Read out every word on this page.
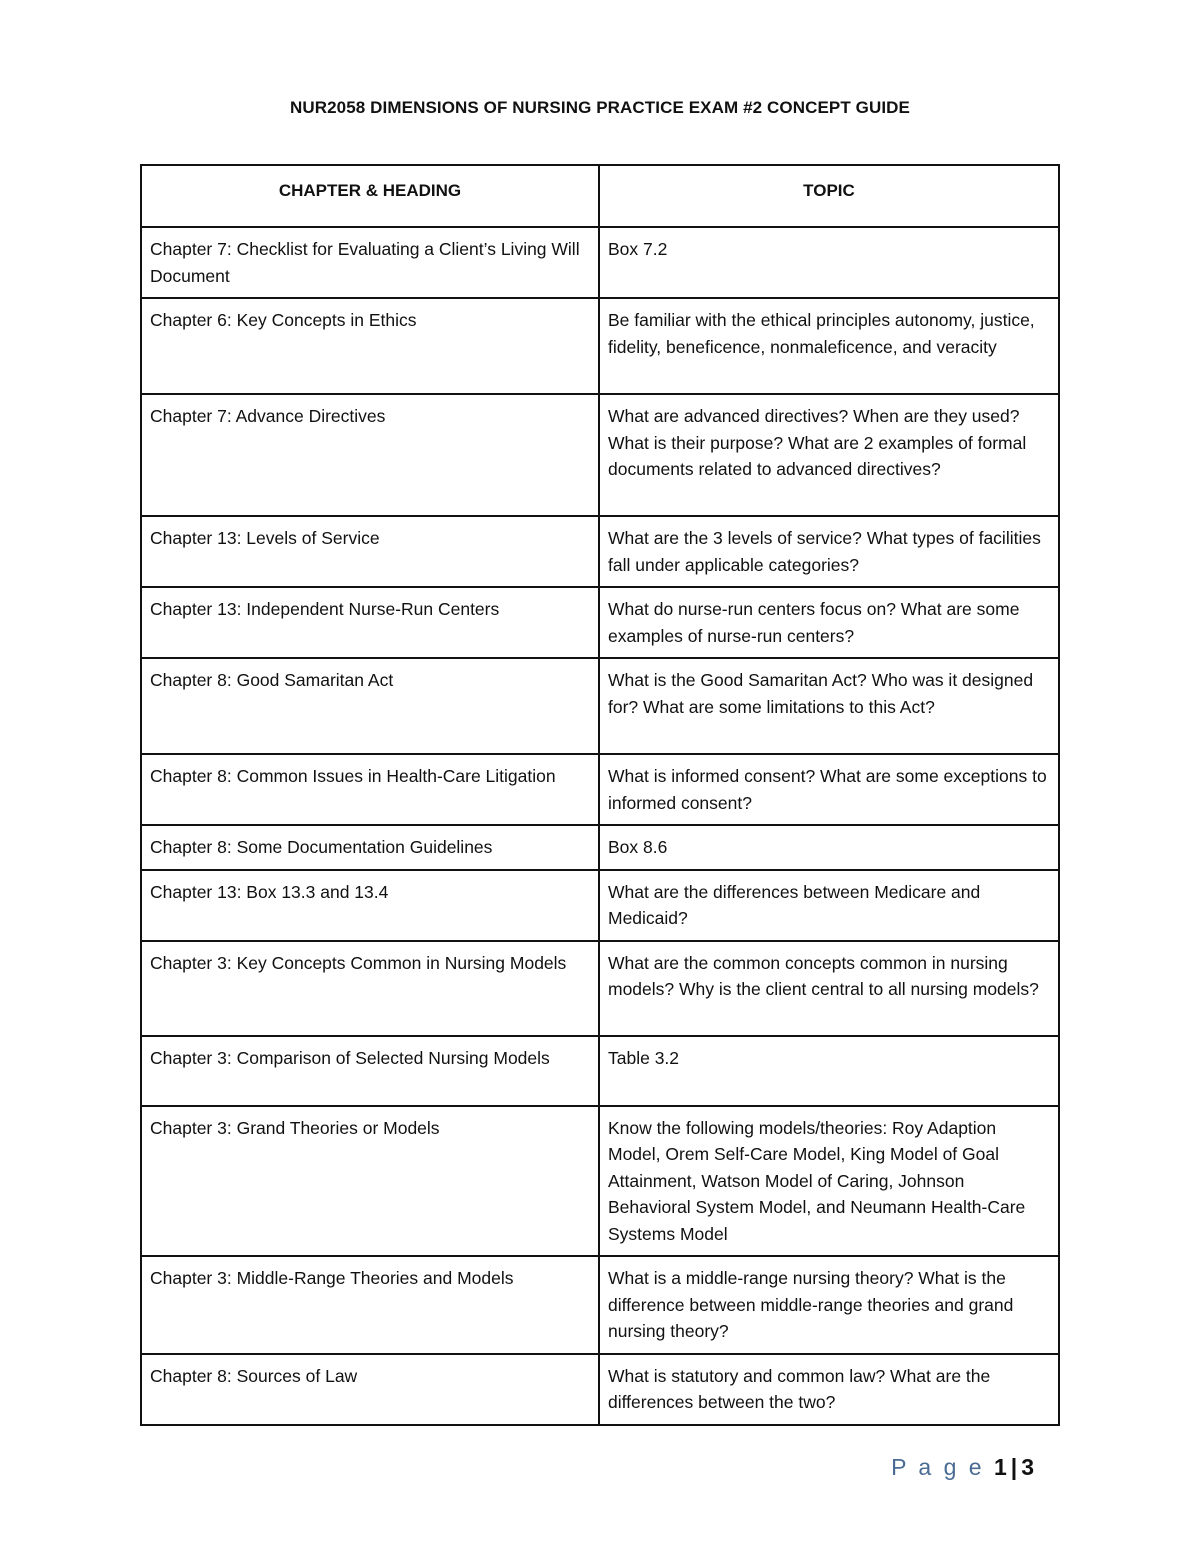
NUR2058 DIMENSIONS OF NURSING PRACTICE EXAM #2 CONCEPT GUIDE
CHAPTER & HEADING	TOPIC
Chapter 7: Checklist for Evaluating a Client’s Living Will Document	Box 7.2
Chapter 6: Key Concepts in Ethics	Be familiar with the ethical principles autonomy, justice, fidelity, beneficence, nonmaleficence, and veracity
Chapter 7: Advance Directives	What are advanced directives? When are they used? What is their purpose? What are 2 examples of formal documents related to advanced directives?
Chapter 13: Levels of Service	What are the 3 levels of service? What types of facilities fall under applicable categories?
Chapter 13: Independent Nurse-Run Centers	What do nurse-run centers focus on? What are some examples of nurse-run centers?
Chapter 8: Good Samaritan Act	What is the Good Samaritan Act? Who was it designed for? What are some limitations to this Act?
Chapter 8: Common Issues in Health-Care Litigation	What is informed consent? What are some exceptions to informed consent?
Chapter 8: Some Documentation Guidelines	Box 8.6
Chapter 13: Box 13.3 and 13.4	What are the differences between Medicare and Medicaid?
Chapter 3: Key Concepts Common in Nursing Models	What are the common concepts common in nursing models? Why is the client central to all nursing models?
Chapter 3: Comparison of Selected Nursing Models	Table 3.2
Chapter 3: Grand Theories or Models	Know the following models/theories: Roy Adaption Model, Orem Self-Care Model, King Model of Goal Attainment, Watson Model of Caring, Johnson Behavioral System Model, and Neumann Health-Care Systems Model
Chapter 3: Middle-Range Theories and Models	What is a middle-range nursing theory? What is the difference between middle-range theories and grand nursing theory?
Chapter 8: Sources of Law	What is statutory and common law? What are the differences between the two?
P a g e 1 | 3
